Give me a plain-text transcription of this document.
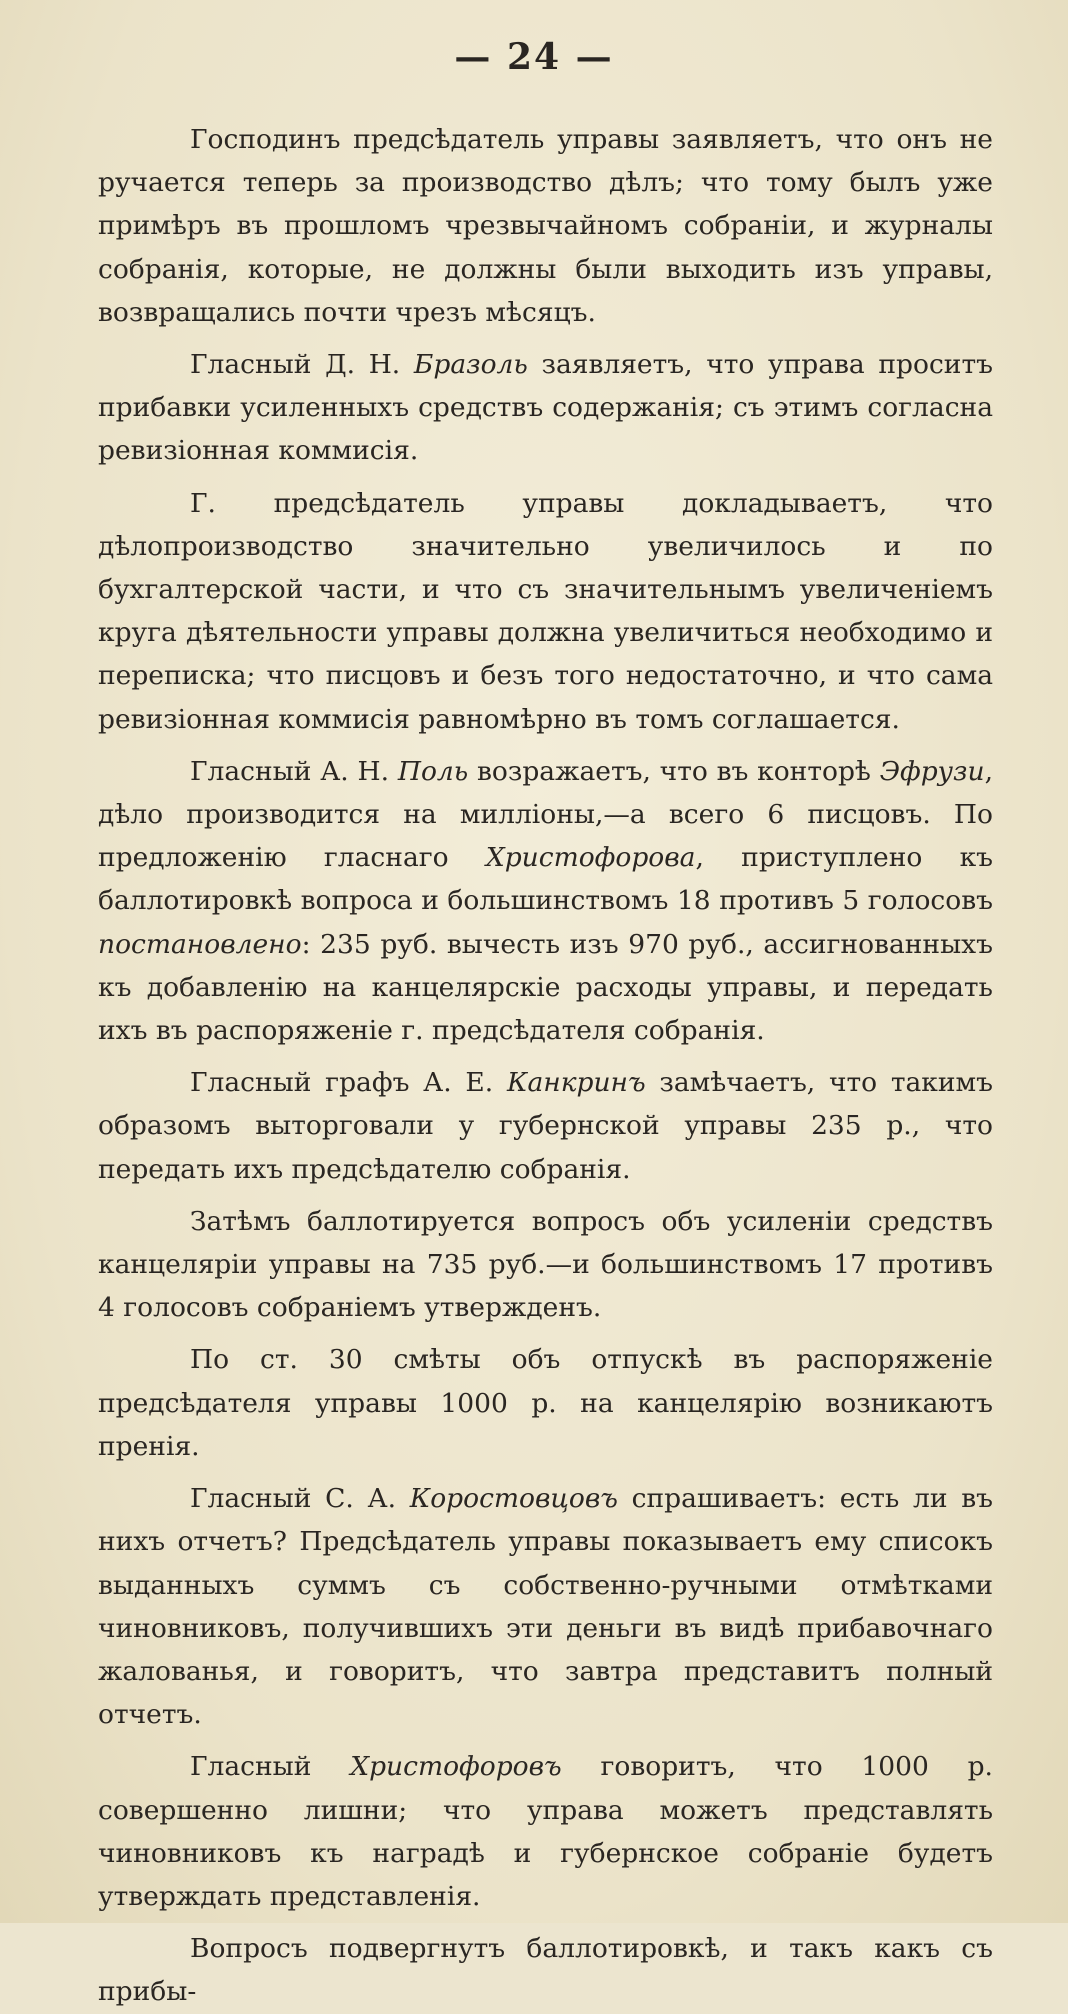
— 24 —

Господинъ предсѣдатель управы заявляетъ, что онъ не ручается теперь за производство дѣлъ; что тому былъ уже примѣръ въ прошломъ чрезвычайномъ собраніи, и журналы собранія, которые, не должны были выходить изъ управы, возвращались почти чрезъ мѣсяцъ.

Гласный Д. Н. Бразоль заявляетъ, что управа проситъ прибавки усиленныхъ средствъ содержанія; съ этимъ согласна ревизіонная коммисія.

Г. предсѣдатель управы докладываетъ, что дѣлопроизводство значительно увеличилось и по бухгалтерской части, и что съ значительнымъ увеличеніемъ круга дѣятельности управы должна увеличиться необходимо и переписка; что писцовъ и безъ того недостаточно, и что сама ревизіонная коммисія равномѣрно въ томъ соглашается.

Гласный А. Н. Поль возражаетъ, что въ конторѣ Эфрузи, дѣло производится на милліоны,—а всего 6 писцовъ. По предложенію гласнаго Христофорова, приступлено къ баллотировкѣ вопроса и большинствомъ 18 противъ 5 голосовъ постановлено: 235 руб. вычесть изъ 970 руб., ассигнованныхъ къ добавленію на канцелярскіе расходы управы, и передать ихъ въ распоряженіе г. предсѣдателя собранія.

Гласный графъ А. Е. Канкринъ замѣчаетъ, что такимъ образомъ выторговали у губернской управы 235 р., что передать ихъ предсѣдателю собранія.

Затѣмъ баллотируется вопросъ объ усиленіи средствъ канцеляріи управы на 735 руб.—и большинствомъ 17 противъ 4 голосовъ собраніемъ утвержденъ.

По ст. 30 смѣты объ отпускѣ въ распоряженіе предсѣдателя управы 1000 р. на канцелярію возникаютъ пренія.

Гласный С. А. Коростовцовъ спрашиваетъ: есть ли въ нихъ отчетъ? Предсѣдатель управы показываетъ ему списокъ выданныхъ суммъ съ собственно-ручными отмѣтками чиновниковъ, получившихъ эти деньги въ видѣ прибавочнаго жалованья, и говоритъ, что завтра представитъ полный отчетъ.

Гласный Христофоровъ говоритъ, что 1000 р. совершенно лишни; что управа можетъ представлять чиновниковъ къ наградѣ и губернское собраніе будетъ утверждать представленія.

Вопросъ подвергнутъ баллотировкѣ, и такъ какъ съ прибы-
